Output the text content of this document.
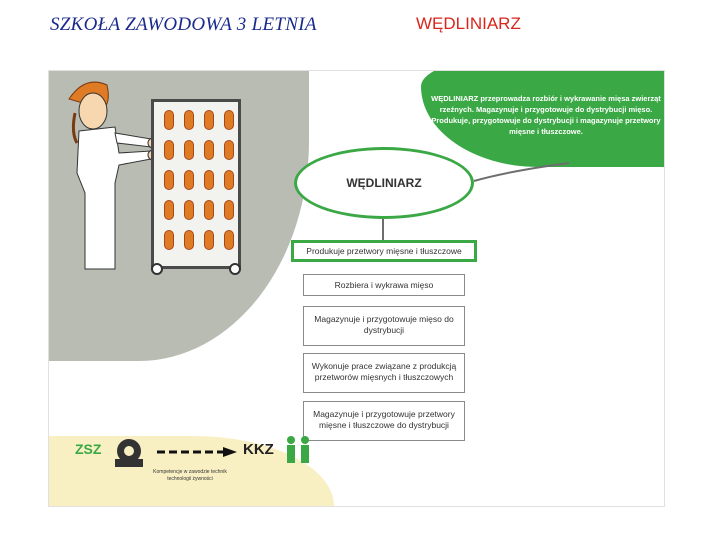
SZKOŁA ZAWODOWA 3 LETNIA	WĘDLINIARZ
WĘDLINIARZ przeprowadza rozbiór i wykrawanie mięsa zwierząt rzeźnych. Magazynuje i przygotowuje do dystrybucji mięso. Produkuje, przygotowuje do dystrybucji i magazynuje przetwory mięsne i tłuszczowe.
WĘDLINIARZ
Produkuje przetwory mięsne i tłuszczowe
Rozbiera i wykrawa mięso
Magazynuje i przygotowuje mięso do dystrybucji
Wykonuje prace związane z produkcją przetworów mięsnych i tłuszczowych
Magazynuje i przygotowuje przetwory mięsne i tłuszczowe do dystrybucji
ZSZ	KKZ
Kompetencje w zawodzie technik technologii żywności
